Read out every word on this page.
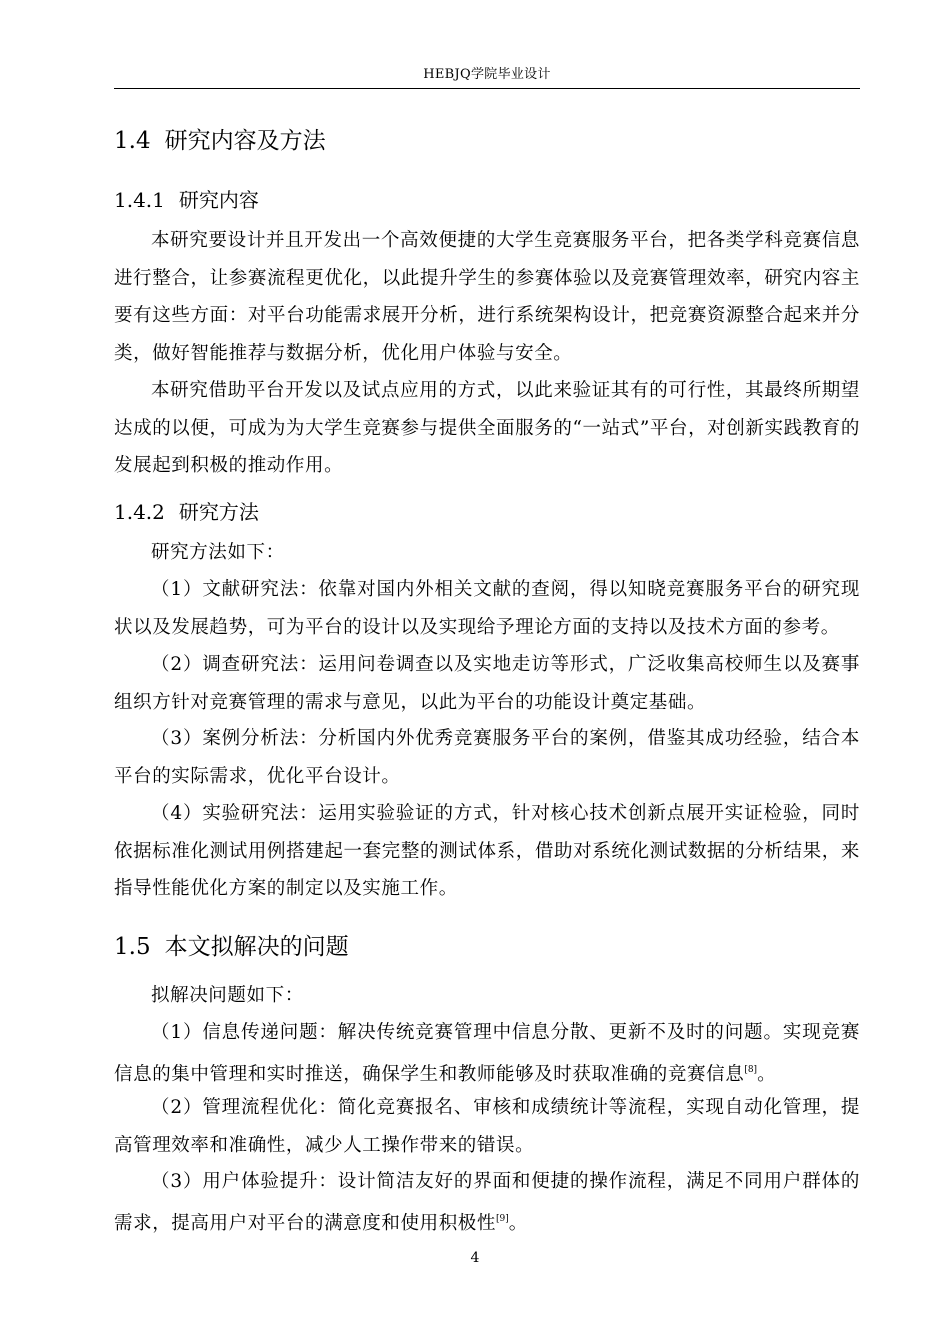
HEBJQ学院毕业设计
1.4 研究内容及方法
1.4.1 研究内容

本研究要设计并且开发出一个高效便捷的大学生竞赛服务平台，把各类学科竞赛信息进行整合，让参赛流程更优化，以此提升学生的参赛体验以及竞赛管理效率，研究内容主要有这些方面：对平台功能需求展开分析，进行系统架构设计，把竞赛资源整合起来并分类，做好智能推荐与数据分析，优化用户体验与安全。

本研究借助平台开发以及试点应用的方式，以此来验证其有的可行性，其最终所期望达成的以便，可成为为大学生竞赛参与提供全面服务的“一站式”平台，对创新实践教育的发展起到积极的推动作用。

1.4.2 研究方法

研究方法如下：

（1）文献研究法：依靠对国内外相关文献的查阅，得以知晓竞赛服务平台的研究现状以及发展趋势，可为平台的设计以及实现给予理论方面的支持以及技术方面的参考。

（2）调查研究法：运用问卷调查以及实地走访等形式，广泛收集高校师生以及赛事组织方针对竞赛管理的需求与意见，以此为平台的功能设计奠定基础。

（3）案例分析法：分析国内外优秀竞赛服务平台的案例，借鉴其成功经验，结合本平台的实际需求，优化平台设计。

（4）实验研究法：运用实验验证的方式，针对核心技术创新点展开实证检验，同时依据标准化测试用例搭建起一套完整的测试体系，借助对系统化测试数据的分析结果，来指导性能优化方案的制定以及实施工作。

1.5 本文拟解决的问题

拟解决问题如下：

（1）信息传递问题：解决传统竞赛管理中信息分散、更新不及时的问题。实现竞赛信息的集中管理和实时推送，确保学生和教师能够及时获取准确的竞赛信息[8]。

（2）管理流程优化：简化竞赛报名、审核和成绩统计等流程，实现自动化管理，提高管理效率和准确性，减少人工操作带来的错误。

（3）用户体验提升：设计简洁友好的界面和便捷的操作流程，满足不同用户群体的需求，提高用户对平台的满意度和使用积极性[9]。

4
